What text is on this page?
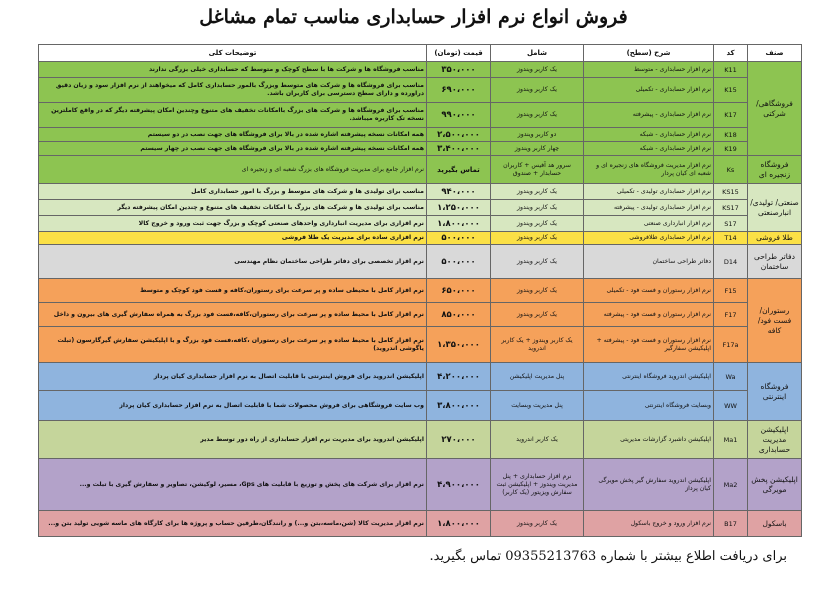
فروش انواع نرم افزار حسابداری مناسب تمام مشاغل
صنف	کد	شرح (سطح)	شامل	قیمت (تومان)	توضیحات کلی
فروشگاهی/ شرکتی	K11	نرم افزار حسابداری - متوسط	یک کاربر ویندوز	۳۵۰،۰۰۰	مناسب فروشگاه ها و شرکت ها با سطح کوچک و متوسط که حسابداری خیلی بزرگی ندارند
	K15	نرم افزار حسابداری - تکمیلی	یک کاربر ویندوز	۶۹۰،۰۰۰	مناسب برای فروشگاه ها و شرکت های متوسط وبزرگ بالمور حسابداری کامل که میخواهند از نرم افزار سود و زیان دقیق دراورده و دارای سطح دسترسی برای کاربران باشد.
	K17	نرم افزار حسابداری - پیشرفته	یک کاربر ویندوز	۹۹۰،۰۰۰	مناسب برای فروشگاه ها و شرکت های بزرگ باامکانات تخفیف های متنوع وچندین امکان پیشرفته دیگر که در واقع کاملترین نسخه تک کاربره میباشد.
	K18	نرم افزار حسابداری - شبکه	دو کاربر ویندوز	۲،۵۰۰،۰۰۰	همه امکانات نسخه پیشرفته اشاره شده در بالا برای فروشگاه های جهت نصب در دو سیستم
	K19	نرم افزار حسابداری - شبکه	چهار کاربر ویندوز	۳،۴۰۰،۰۰۰	همه امکانات نسخه پیشرفته اشاره شده در بالا برای فروشگاه های جهت نصب در چهار سیستم
فروشگاه زنجیره ای	Ks	نرم افزار مدیریت فروشگاه های زنجیره ای و شعبه ای کیان پردار	سرور هد آفیس + کاربران حسابدار + صندوق	تماس بگیرید	نرم افزار جامع برای مدیریت فروشگاه های بزرگ شعبه ای و زنجیره ای
صنعتی/ تولیدی/ انبارصنعتی	KS15	نرم افزار حسابداری تولیدی - تکمیلی	یک کاربر ویندوز	۹۴۰،۰۰۰	مناسب برای تولیدی ها و شرکت های متوسط و بزرگ با امور حسابداری کامل
	KS17	نرم افزار حسابداری تولیدی - پیشرفته	یک کاربر ویندوز	۱،۲۵۰،۰۰۰	مناسب برای تولیدی ها و شرکت های بزرگ با امکانات تخفیف های متنوع و چندین امکان پیشرفته دیگر
	S17	نرم افزار انبارداری صنعتی	یک کاربر ویندوز	۱،۸۰۰،۰۰۰	نرم افزاری برای مدیریت انبارداری واحدهای صنعتی کوچک و بزرگ جهت ثبت ورود و خروج کالا
طلا فروشی	T14	نرم افزار حسابداری طلافروشی	یک کاربر ویندوز	۵۰۰،۰۰۰	نرم افزاری ساده برای مدیریت یک طلا فروشی
دفاتر طراحی ساختمان	D14	دفاتر طراحی ساختمان	یک کاربر ویندوز	۵۰۰،۰۰۰	نرم افزار تخصصی برای دفاتر طراحی ساختمان نظام مهندسی
رستوران/ فست فود/ کافه	F15	نرم افزار رستوران و فست فود - تکمیلی	یک کاربر ویندوز	۶۵۰،۰۰۰	نرم افزار کامل با محیطی ساده و پر سرعت برای رستوران،کافه و فست فود کوچک و متوسط
	F17	نرم افزار رستوران و فست فود - پیشرفته	یک کاربر ویندوز	۸۵۰،۰۰۰	نرم افزار کامل با محیط ساده و پر سرعت برای رستوران،کافه،فست فود بزرگ به همراه سفارش گیری های بیرون و داخل
	F17a	نرم افزار رستوران و فست فود - پیشرفته + اپلیکیشن سفارگیر	یک کاربر ویندوز + یک کاربر اندروید	۱،۳۵۰،۰۰۰	نرم افزار کامل با محیط ساده و پر سرعت برای رستوران ،کافه،فست فود بزرگ و با اپلیکیشن سفارش گیرگارسون (تبلت یاگوشی اندروید)
فروشگاه اینترنتی	Wa	اپلیکیشن اندروید فروشگاه اینترنتی	پنل مدیریت اپلیکیشن	۴،۲۰۰،۰۰۰	اپلیکیشن اندروید برای فروش اینترنتی با قابلیت اتصال به نرم افزار حسابداری کیان پرداز
	WW	وبسایت فروشگاه اینترنتی	پنل مدیریت وبسایت	۳،۸۰۰،۰۰۰	وب سایت فروشگاهی برای فروش محصولات شما با قابلیت اتصال به نرم افزار حسابداری کیان پرداز
اپلیکیشن مدیریت حسابداری	Ma1	اپلیکیشن داشبرد گزارشات مدیریتی	یک کاربر اندروید	۲۷۰،۰۰۰	اپلیکیشن اندروید برای مدیریت نرم افزار حسابداری از راه دور توسط مدیر
اپلیکیشن پخش مویرگی	Ma2	اپلیکیشن اندروید سفارش گیر پخش مویرگی کیان پرداز	نرم افزار حسابداری + پنل مدیریت ویندوز + اپلیکیشن ثبت سفارش ویزیتور (یک کاربر)	۴،۹۰۰،۰۰۰	نرم افزار برای شرکت های پخش و توزیع با قابلیت های Gps، مسیر، لوکیشن، تصاویر و سفارش گیری با تبلت و...
باسکول	B17	نرم افزار ورود و خروج باسکول	یک کاربر ویندوز	۱،۸۰۰،۰۰۰	نرم افزار مدیریت کالا (شن،ماسه،بتن و...) و رانندگان،طرفین حساب و پروژه ها برای کارگاه های ماسه شویی تولید بتن و...
برای دریافت اطلاع بیشتر با شماره 09355213763 تماس بگیرید.
